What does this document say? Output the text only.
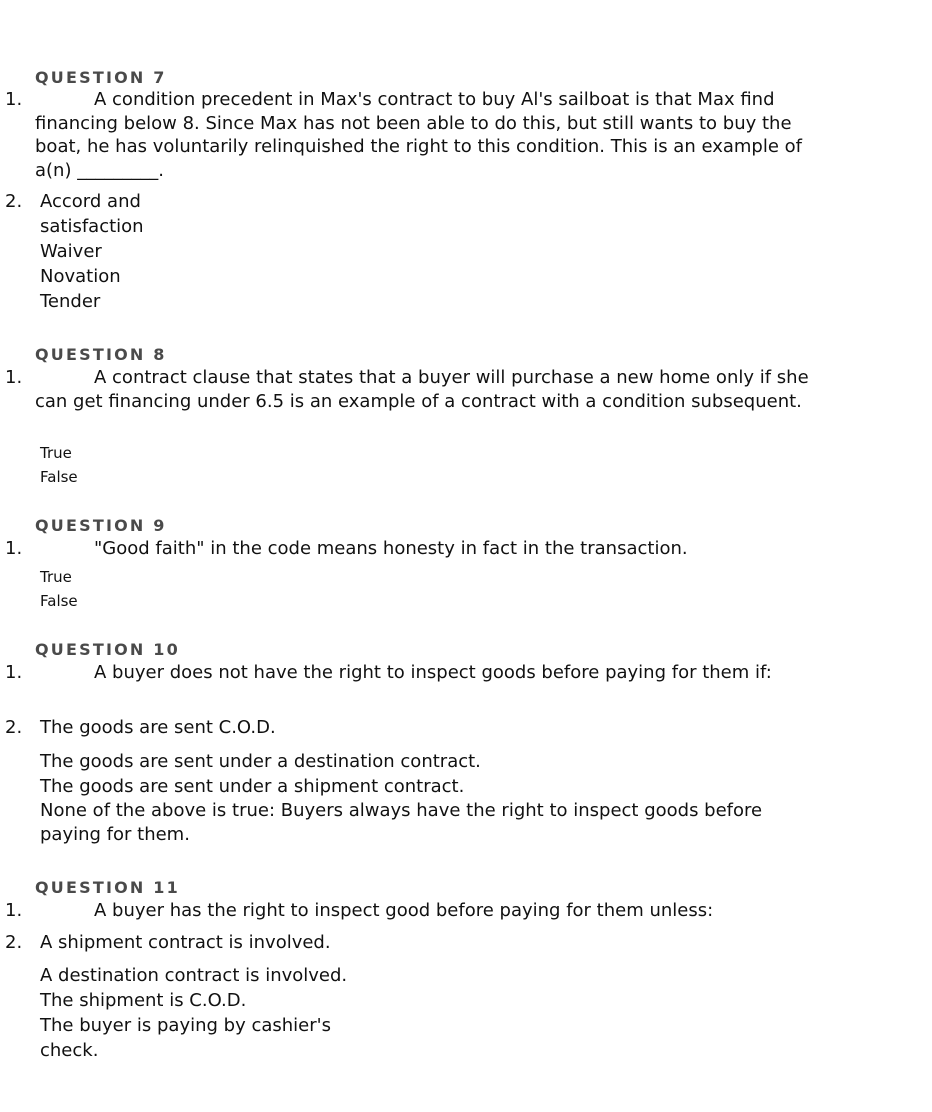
QUESTION 7
1.	A condition precedent in Max's contract to buy Al's sailboat is that Max find financing below 8. Since Max has not been able to do this, but still wants to buy the boat, he has voluntarily relinquished the right to this condition. This is an example of a(n) _________.
2. Accord and satisfaction
Waiver
Novation
Tender
QUESTION 8
1.	A contract clause that states that a buyer will purchase a new home only if she can get financing under 6.5 is an example of a contract with a condition subsequent.
True
False
QUESTION 9
1.	"Good faith" in the code means honesty in fact in the transaction.
True
False
QUESTION 10
1.	A buyer does not have the right to inspect goods before paying for them if:
2. The goods are sent C.O.D.
The goods are sent under a destination contract.
The goods are sent under a shipment contract.
None of the above is true: Buyers always have the right to inspect goods before paying for them.
QUESTION 11
1.	A buyer has the right to inspect good before paying for them unless:
2. A shipment contract is involved.
A destination contract is involved.
The shipment is C.O.D.
The buyer is paying by cashier's check.
